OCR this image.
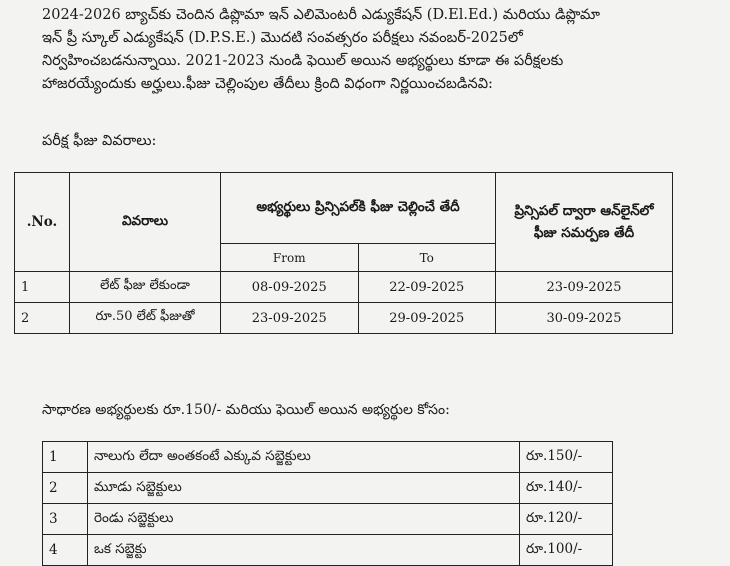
2024-2026 బ్యాచ్‌కు చెందిన డిప్లొమా ఇన్ ఎలిమెంటరీ ఎడ్యుకేషన్ (D.El.Ed.) మరియు డిప్లొమా
ఇన్ ప్రీ స్కూల్ ఎడ్యుకేషన్ (D.P.S.E.) మొదటి సంవత్సరం పరీక్షలు నవంబర్-2025లో
నిర్వహించబడనున్నాయి. 2021-2023 నుండి ఫెయిల్ అయిన అభ్యర్థులు కూడా ఈ పరీక్షలకు
హాజరయ్యేందుకు అర్హులు.ఫీజు చెల్లింపుల తేదీలు క్రింది విధంగా నిర్ణయించబడినవి:
పరీక్ష ఫీజు వివరాలు:
.No.	వివరాలు	అభ్యర్థులు ప్రిన్సిపల్‌కి ఫీజు చెల్లించే తేదీ		ప్రిన్సిపల్ ద్వారా ఆన్‌లైన్‌లో ఫీజు సమర్పణ తేదీ
		From	To	
1	లేట్ ఫీజు లేకుండా	08-09-2025	22-09-2025	23-09-2025
2	రూ.50 లేట్ ఫీజుతో	23-09-2025	29-09-2025	30-09-2025
సాధారణ అభ్యర్థులకు రూ.150/- మరియు ఫెయిల్ అయిన అభ్యర్థుల కోసం:
1	నాలుగు లేదా అంతకంటే ఎక్కువ సబ్జెక్టులు	రూ.150/-
2	మూడు సబ్జెక్టులు	రూ.140/-
3	రెండు సబ్జెక్టులు	రూ.120/-
4	ఒక సబ్జెక్టు	రూ.100/-
